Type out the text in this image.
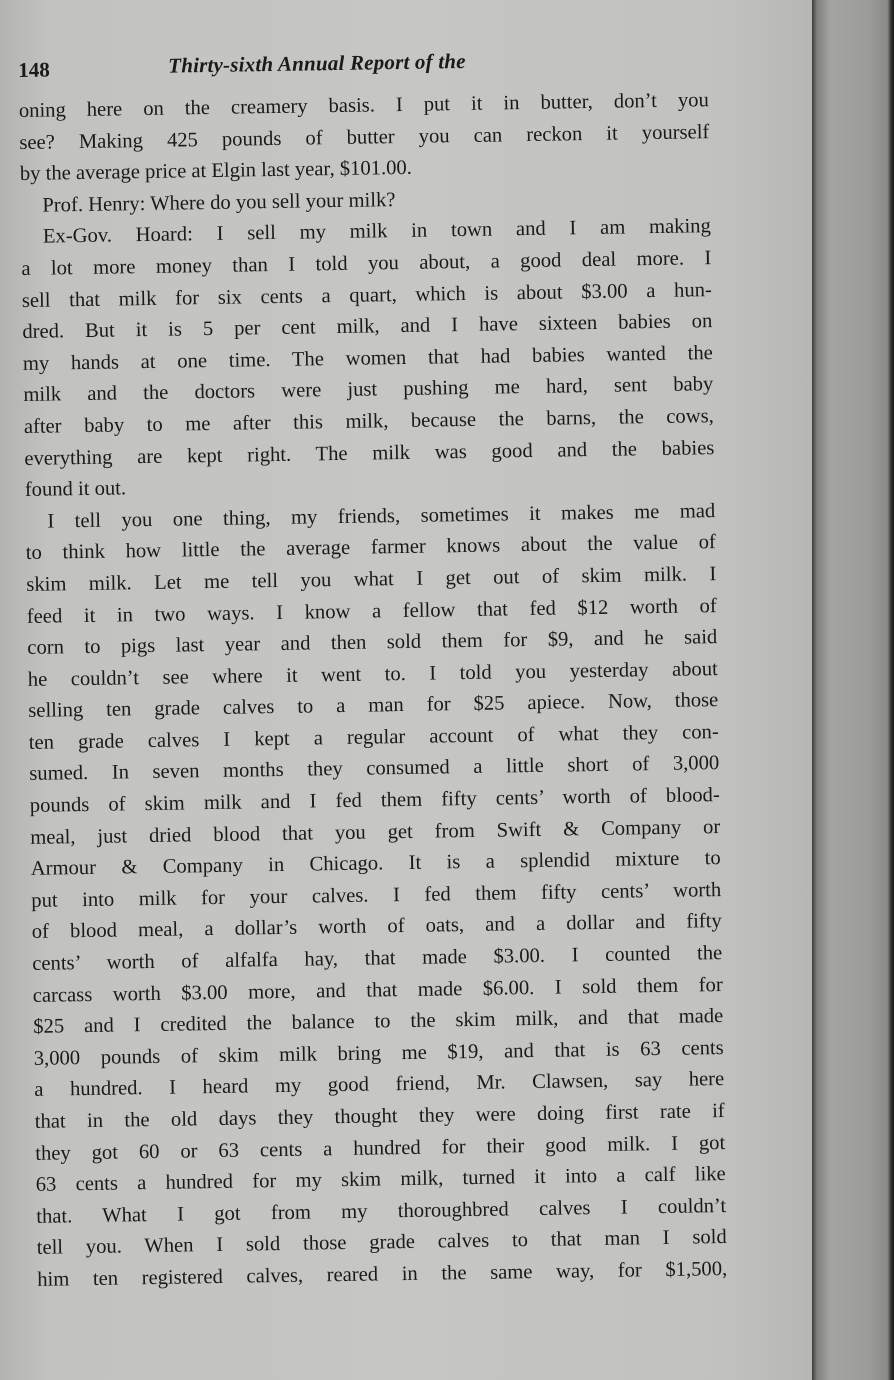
148	Thirty-sixth Annual Report of the
oning here on the creamery basis. I put it in butter, don’t you
see? Making 425 pounds of butter you can reckon it yourself
by the average price at Elgin last year, $101.00.
Prof. Henry: Where do you sell your milk?
Ex-Gov. Hoard: I sell my milk in town and I am making
a lot more money than I told you about, a good deal more. I
sell that milk for six cents a quart, which is about $3.00 a hun-
dred. But it is 5 per cent milk, and I have sixteen babies on
my hands at one time. The women that had babies wanted the
milk and the doctors were just pushing me hard, sent baby
after baby to me after this milk, because the barns, the cows,
everything are kept right. The milk was good and the babies
found it out.
I tell you one thing, my friends, sometimes it makes me mad
to think how little the average farmer knows about the value of
skim milk. Let me tell you what I get out of skim milk. I
feed it in two ways. I know a fellow that fed $12 worth of
corn to pigs last year and then sold them for $9, and he said
he couldn’t see where it went to. I told you yesterday about
selling ten grade calves to a man for $25 apiece. Now, those
ten grade calves I kept a regular account of what they con-
sumed. In seven months they consumed a little short of 3,000
pounds of skim milk and I fed them fifty cents’ worth of blood-
meal, just dried blood that you get from Swift & Company or
Armour & Company in Chicago. It is a splendid mixture to
put into milk for your calves. I fed them fifty cents’ worth
of blood meal, a dollar’s worth of oats, and a dollar and fifty
cents’ worth of alfalfa hay, that made $3.00. I counted the
carcass worth $3.00 more, and that made $6.00. I sold them for
$25 and I credited the balance to the skim milk, and that made
3,000 pounds of skim milk bring me $19, and that is 63 cents
a hundred. I heard my good friend, Mr. Clawsen, say here
that in the old days they thought they were doing first rate if
they got 60 or 63 cents a hundred for their good milk. I got
63 cents a hundred for my skim milk, turned it into a calf like
that. What I got from my thoroughbred calves I couldn’t
tell you. When I sold those grade calves to that man I sold
him ten registered calves, reared in the same way, for $1,500,
